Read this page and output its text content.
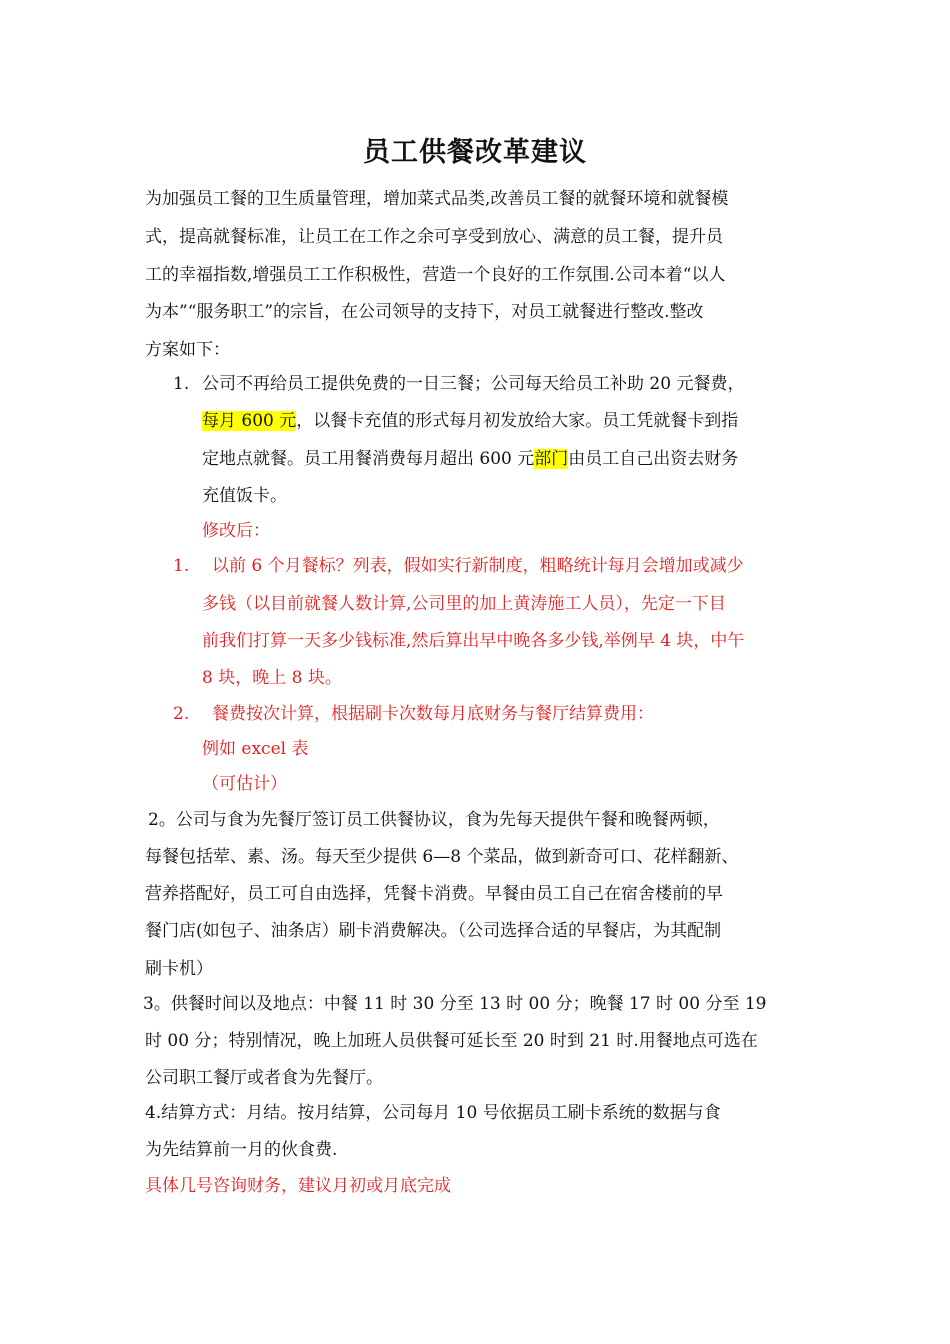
员工供餐改革建议
为加强员工餐的卫生质量管理，增加菜式品类,改善员工餐的就餐环境和就餐模
式，提高就餐标准，让员工在工作之余可享受到放心、满意的员工餐，提升员
工的幸福指数,增强员工工作积极性，营造一个良好的工作氛围.公司本着“以人
为本”“服务职工”的宗旨，在公司领导的支持下，对员工就餐进行整改.整改
方案如下：
1. 公司不再给员工提供免费的一日三餐；公司每天给员工补助 20 元餐费，
每月 600 元，以餐卡充值的形式每月初发放给大家。员工凭就餐卡到指
定地点就餐。员工用餐消费每月超出 600 元部门由员工自己出资去财务
充值饭卡。
修改后：
1. 以前 6 个月餐标？列表，假如实行新制度，粗略统计每月会增加或减少
多钱（以目前就餐人数计算,公司里的加上黄涛施工人员），先定一下目
前我们打算一天多少钱标准,然后算出早中晚各多少钱,举例早 4 块，中午
8 块，晚上 8 块。
2. 餐费按次计算，根据刷卡次数每月底财务与餐厅结算费用：
例如 excel 表
（可估计）
2。公司与食为先餐厅签订员工供餐协议，食为先每天提供午餐和晚餐两顿，
每餐包括荤、素、汤。每天至少提供 6—8 个菜品，做到新奇可口、花样翻新、
营养搭配好，员工可自由选择，凭餐卡消费。早餐由员工自己在宿舍楼前的早
餐门店(如包子、油条店）刷卡消费解决。（公司选择合适的早餐店，为其配制
刷卡机）
3。供餐时间以及地点：中餐 11 时 30 分至 13 时 00 分；晚餐 17 时 00 分至 19
时 00 分；特别情况，晚上加班人员供餐可延长至 20 时到 21 时.用餐地点可选在
公司职工餐厅或者食为先餐厅。
4.结算方式：月结。按月结算，公司每月 10 号依据员工刷卡系统的数据与食
为先结算前一月的伙食费.
具体几号咨询财务，建议月初或月底完成
